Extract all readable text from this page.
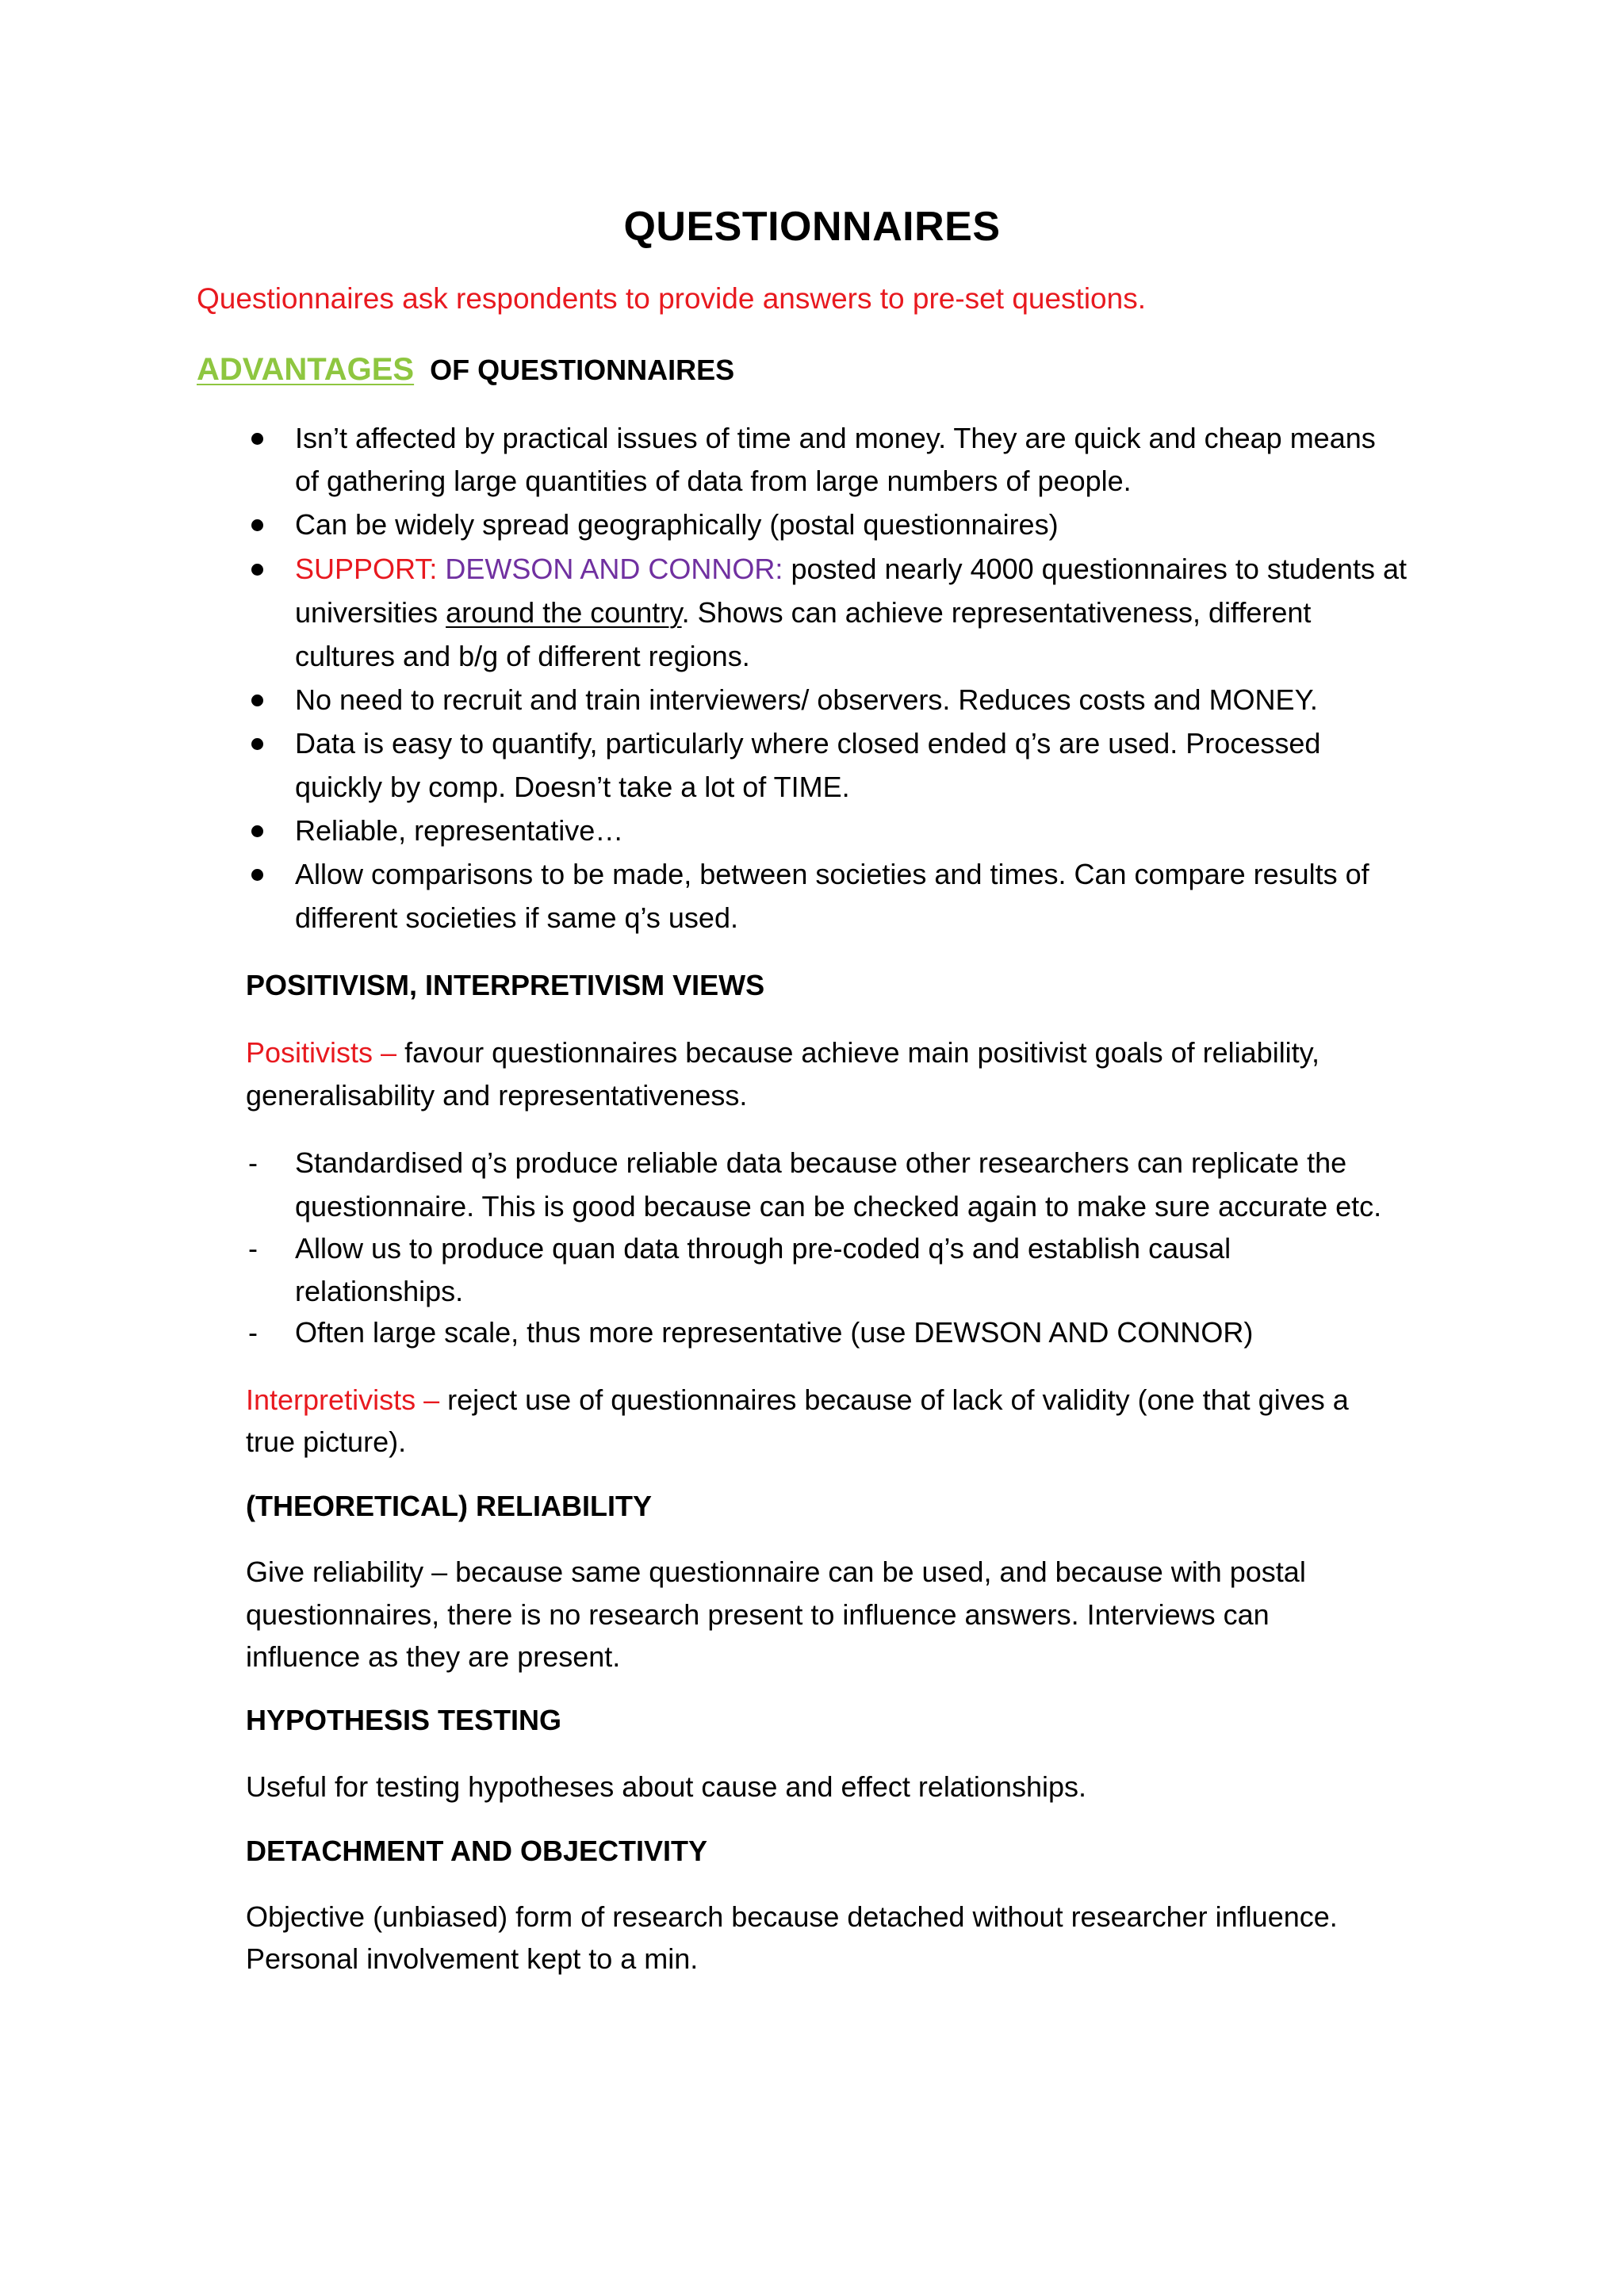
QUESTIONNAIRES
Questionnaires ask respondents to provide answers to pre-set questions.
ADVANTAGES OF QUESTIONNAIRES
Isn’t affected by practical issues of time and money. They are quick and cheap means
of gathering large quantities of data from large numbers of people.
Can be widely spread geographically (postal questionnaires)
SUPPORT: DEWSON AND CONNOR: posted nearly 4000 questionnaires to students at
universities around the country. Shows can achieve representativeness, different
cultures and b/g of different regions.
No need to recruit and train interviewers/ observers. Reduces costs and MONEY.
Data is easy to quantify, particularly where closed ended q’s are used. Processed
quickly by comp. Doesn’t take a lot of TIME.
Reliable, representative…
Allow comparisons to be made, between societies and times. Can compare results of
different societies if same q’s used.
POSITIVISM, INTERPRETIVISM VIEWS
Positivists – favour questionnaires because achieve main positivist goals of reliability,
generalisability and representativeness.
- Standardised q’s produce reliable data because other researchers can replicate the
questionnaire. This is good because can be checked again to make sure accurate etc.
- Allow us to produce quan data through pre-coded q’s and establish causal
relationships.
- Often large scale, thus more representative (use DEWSON AND CONNOR)
Interpretivists – reject use of questionnaires because of lack of validity (one that gives a
true picture).
(THEORETICAL) RELIABILITY
Give reliability – because same questionnaire can be used, and because with postal
questionnaires, there is no research present to influence answers. Interviews can
influence as they are present.
HYPOTHESIS TESTING
Useful for testing hypotheses about cause and effect relationships.
DETACHMENT AND OBJECTIVITY
Objective (unbiased) form of research because detached without researcher influence.
Personal involvement kept to a min.
